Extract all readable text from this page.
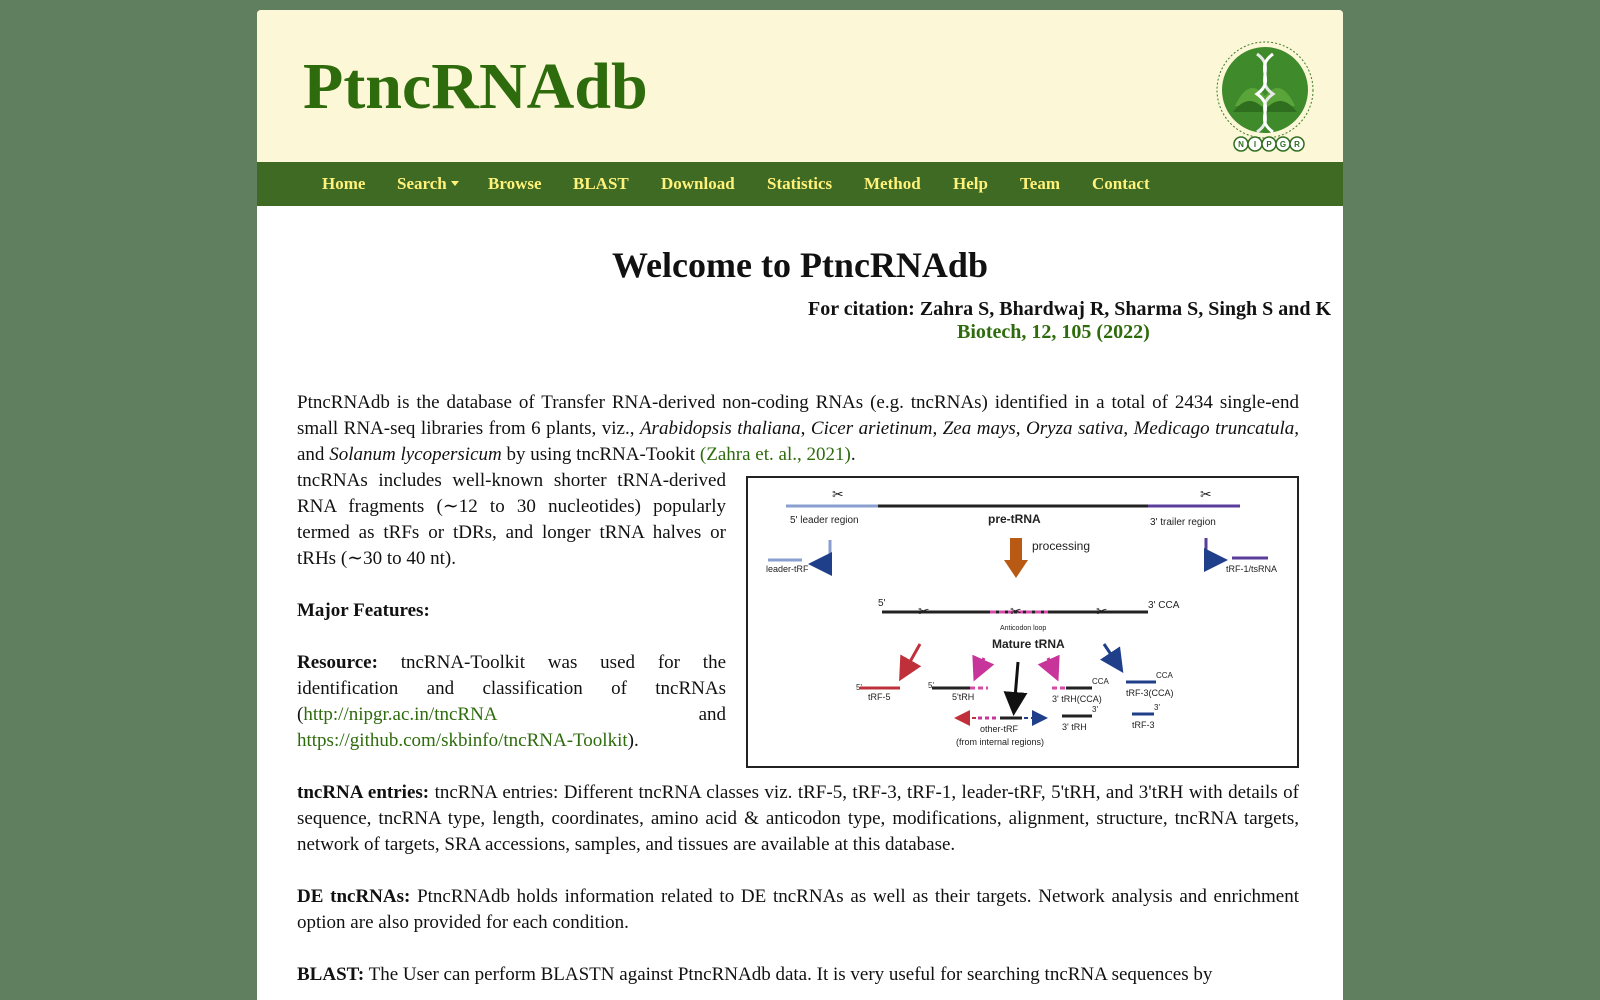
PtncRNAdb
N I P G R
Home Search	Browse BLAST Download Statistics Method Help Team Contact
Welcome to PtncRNAdb
For citation: Zahra S, Bhardwaj R, Sharma S, Singh S and K
Biotech, 12, 105 (2022)

PtncRNAdb is the database of Transfer RNA-derived non-coding RNAs (e.g. tncRNAs) identified in a total of 2434 single-end small RNA-seq libraries from 6 plants, viz., Arabidopsis thaliana, Cicer arietinum, Zea mays, Oryza sativa, Medicago truncatula, and Solanum lycopersicum by using tncRNA-Tookit (Zahra et. al., 2021).

✂	✂
5' leader region	pre-tRNA	3' trailer region
processing
leader-tRF	tRF-1/tsRNA
5'	3' CCA
✂	✂	✂
Anticodon loop
Mature tRNA
5'
tRF-5
5'
5'tRH
CCA
3' tRH(CCA)
CCA
tRF-3(CCA)
other-tRF
(from internal regions)
3'
3' tRH
3'
tRF-3

tncRNAs includes well-known shorter tRNA-derived RNA fragments (∼12 to 30 nucleotides) popularly termed as tRFs or tDRs, and longer tRNA halves or tRHs (∼30 to 40 nt).

Major Features:

Resource: tncRNA-Toolkit was used for the identification and classification of tncRNAs (http://nipgr.ac.in/tncRNA and https://github.com/skbinfo/tncRNA-Toolkit).

tncRNA entries: tncRNA entries: Different tncRNA classes viz. tRF-5, tRF-3, tRF-1, leader-tRF, 5'tRH, and 3'tRH with details of sequence, tncRNA type, length, coordinates, amino acid & anticodon type, modifications, alignment, structure, tncRNA targets, network of targets, SRA accessions, samples, and tissues are available at this database.

DE tncRNAs: PtncRNAdb holds information related to DE tncRNAs as well as their targets. Network analysis and enrichment option are also provided for each condition.

BLAST: The User can perform BLASTN against PtncRNAdb data. It is very useful for searching tncRNA sequences by
